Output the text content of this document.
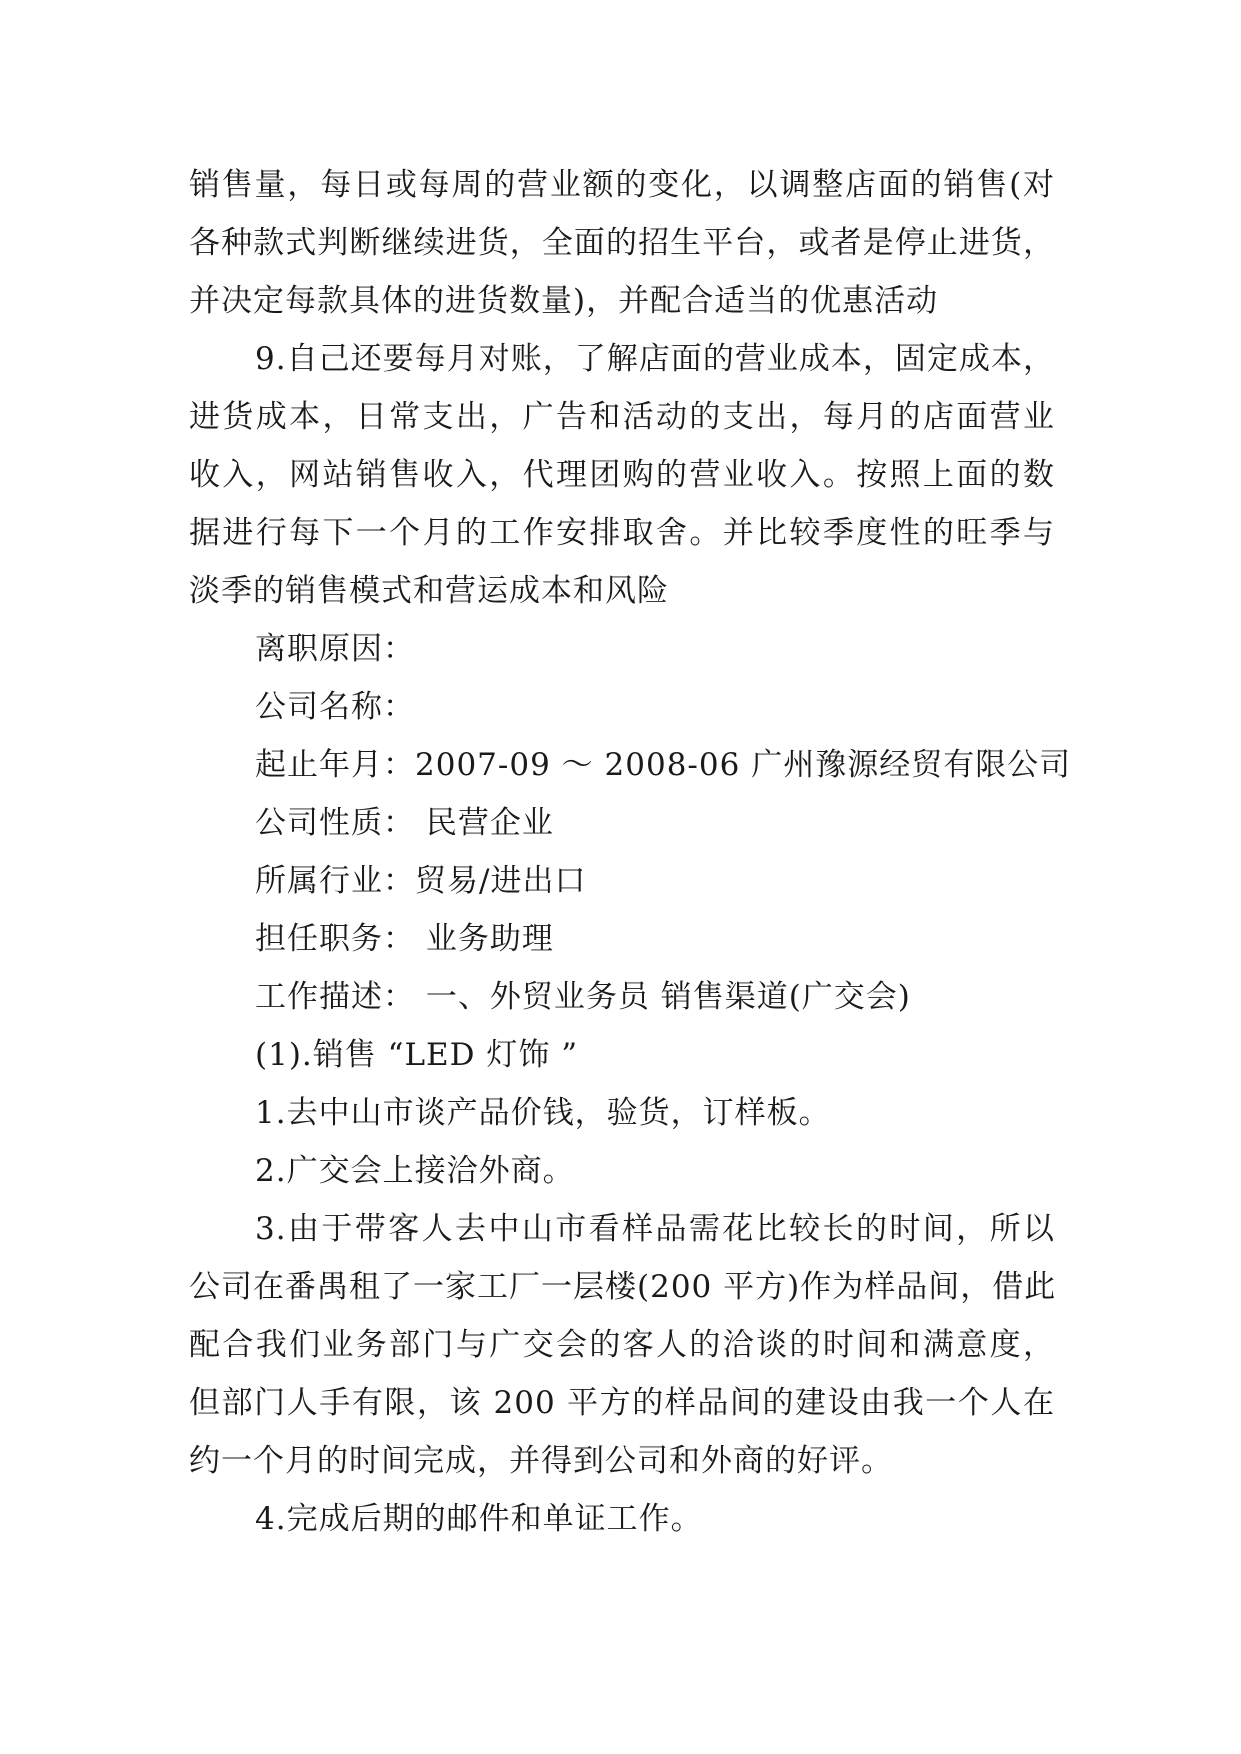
销售量，每日或每周的营业额的变化，以调整店面的销售(对
各种款式判断继续进货，全面的招生平台，或者是停止进货，
并决定每款具体的进货数量)，并配合适当的优惠活动
9.自己还要每月对账，了解店面的营业成本，固定成本，
进货成本，日常支出，广告和活动的支出，每月的店面营业
收入，网站销售收入，代理团购的营业收入。按照上面的数
据进行每下一个月的工作安排取舍。并比较季度性的旺季与
淡季的销售模式和营运成本和风险
离职原因：
公司名称：
起止年月：2007-09 ～ 2008-06 广州豫源经贸有限公司
公司性质： 民营企业
所属行业：贸易/进出口
担任职务： 业务助理
工作描述： 一、外贸业务员 销售渠道(广交会)
(1).销售 “LED 灯饰 ”
1.去中山市谈产品价钱，验货，订样板。
2.广交会上接洽外商。
3.由于带客人去中山市看样品需花比较长的时间，所以
公司在番禺租了一家工厂一层楼(200 平方)作为样品间，借此
配合我们业务部门与广交会的客人的洽谈的时间和满意度，
但部门人手有限，该 200 平方的样品间的建设由我一个人在
约一个月的时间完成，并得到公司和外商的好评。
4.完成后期的邮件和单证工作。
